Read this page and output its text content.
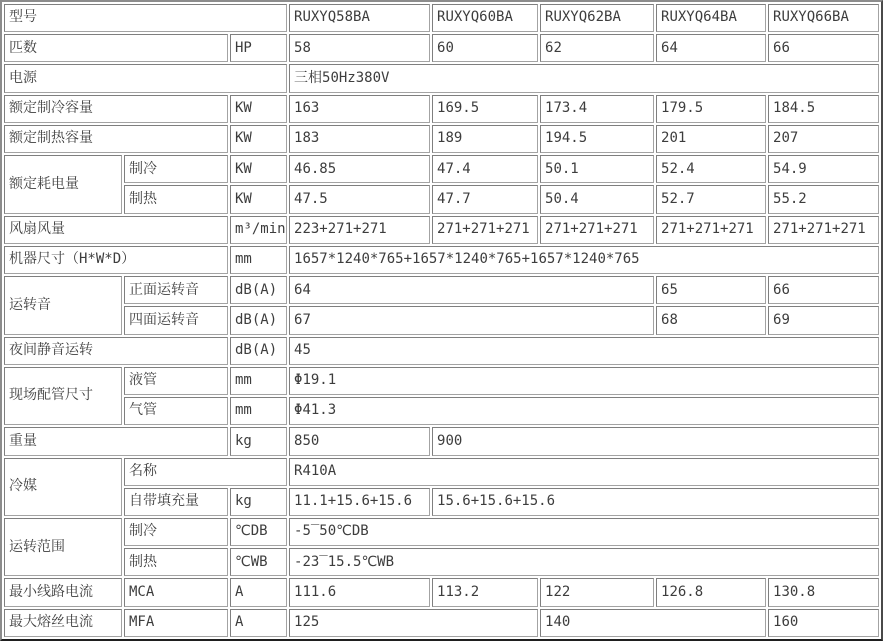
型号			RUXYQ58BA	RUXYQ60BA	RUXYQ62BA	RUXYQ64BA	RUXYQ66BA
匹数		HP	58	60	62	64	66
电源			三相50Hz380V				
额定制冷容量		KW	163	169.5	173.4	179.5	184.5
额定制热容量		KW	183	189	194.5	201	207
额定耗电量	制冷	KW	46.85	47.4	50.1	52.4	54.9
	制热	KW	47.5	47.7	50.4	52.7	55.2
风扇风量		m³/min	223+271+271	271+271+271	271+271+271	271+271+271	271+271+271
机器尺寸（H*W*D）		mm	1657*1240*765+1657*1240*765+1657*1240*765				
运转音	正面运转音	dB(A)	64			65	66
	四面运转音	dB(A)	67			68	69
夜间静音运转		dB(A)	45				
现场配管尺寸	液管	mm	Φ19.1				
	气管	mm	Φ41.3				
重量		kg	850	900			
冷媒	名称		R410A				
	自带填充量	kg	11.1+15.6+15.6	15.6+15.6+15.6			
运转范围	制冷	℃DB	-5‾50℃DB				
	制热	℃WB	-23‾15.5℃WB				
最小线路电流	MCA	A	111.6	113.2	122	126.8	130.8
最大熔丝电流	MFA	A	125		140		160
